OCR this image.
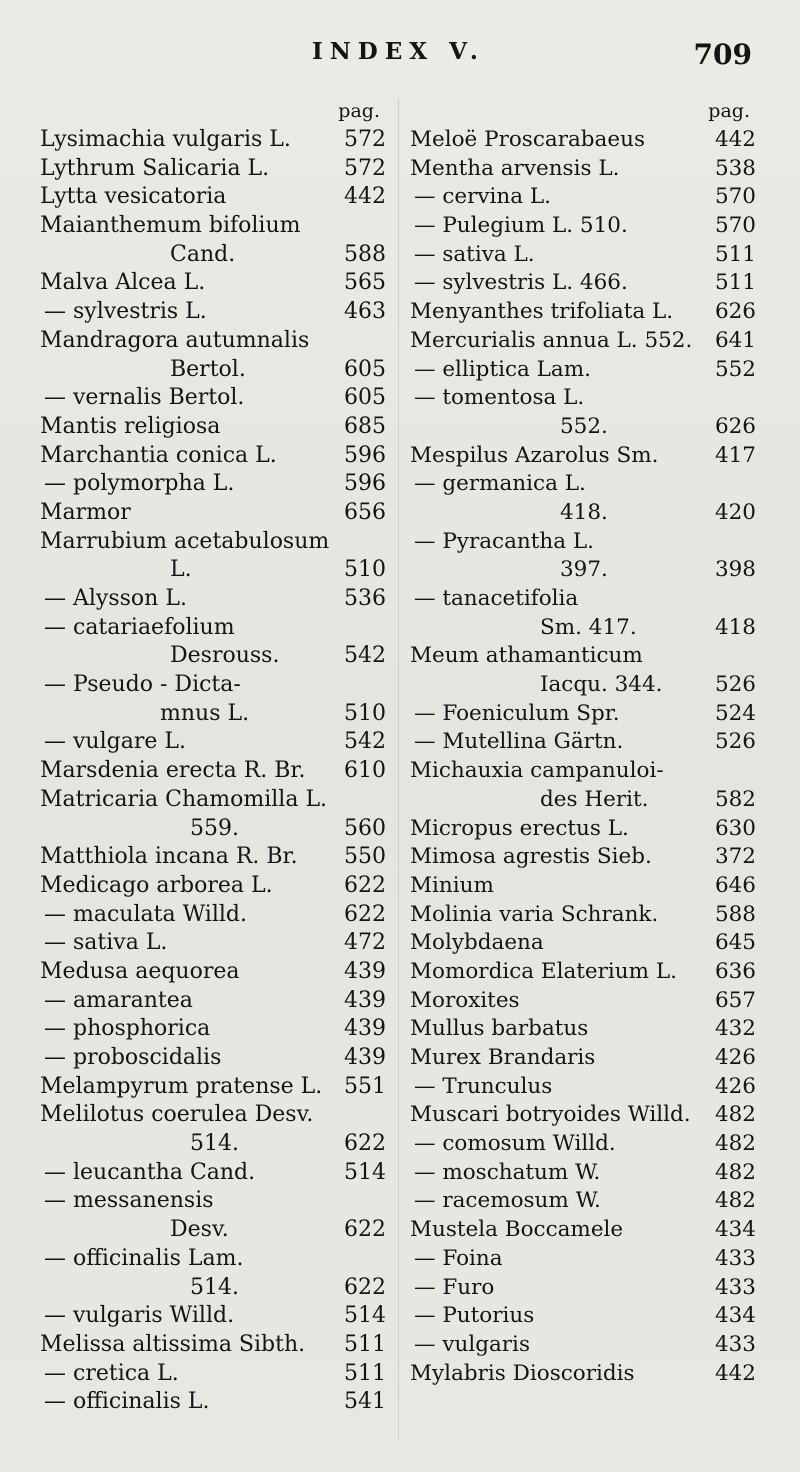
INDEX V.	709
pag.
Lysimachia vulgaris L.	572
Lythrum Salicaria L.	572
Lytta vesicatoria	442
Maianthemum bifolium
Cand.	588
Malva Alcea L.	565
— sylvestris L.	463
Mandragora autumnalis
Bertol.	605
— vernalis Bertol.	605
Mantis religiosa	685
Marchantia conica L.	596
— polymorpha L.	596
Marmor	656
Marrubium acetabulosum
L.	510
— Alysson L.	536
— catariaefolium
Desrouss.	542
— Pseudo - Dicta-
mnus L.	510
— vulgare L.	542
Marsdenia erecta R. Br.	610
Matricaria Chamomilla L.
559.	560
Matthiola incana R. Br.	550
Medicago arborea L.	622
— maculata Willd.	622
— sativa L.	472
Medusa aequorea	439
— amarantea	439
— phosphorica	439
— proboscidalis	439
Melampyrum pratense L. 551
Melilotus coerulea Desv.
514.	622
— leucantha Cand.	514
— messanensis
Desv.	622
— officinalis Lam.
514.	622
— vulgaris Willd.	514
Melissa altissima Sibth.	511
— cretica L.	511
— officinalis L.	541
pag.
Meloë Proscarabaeus	442
Mentha arvensis L.	538
— cervina L.	570
— Pulegium L. 510.	570
— sativa L.	511
— sylvestris L. 466.	511
Menyanthes trifoliata L.	626
Mercurialis annua L. 552.	641
— elliptica Lam.	552
— tomentosa L.
552.	626
Mespilus Azarolus Sm.	417
— germanica L.
418.	420
— Pyracantha L.
397.	398
— tanacetifolia
Sm. 417.	418
Meum athamanticum
Iacqu. 344.	526
— Foeniculum Spr.	524
— Mutellina Gärtn.	526
Michauxia campanuloi-
des Herit.	582
Micropus erectus L.	630
Mimosa agrestis Sieb.	372
Minium	646
Molinia varia Schrank.	588
Molybdaena	645
Momordica Elaterium L.	636
Moroxites	657
Mullus barbatus	432
Murex Brandaris	426
— Trunculus	426
Muscari botryoides Willd.	482
— comosum Willd.	482
— moschatum W.	482
— racemosum W.	482
Mustela Boccamele	434
— Foina	433
— Furo	433
— Putorius	434
— vulgaris	433
Mylabris Dioscoridis	442
